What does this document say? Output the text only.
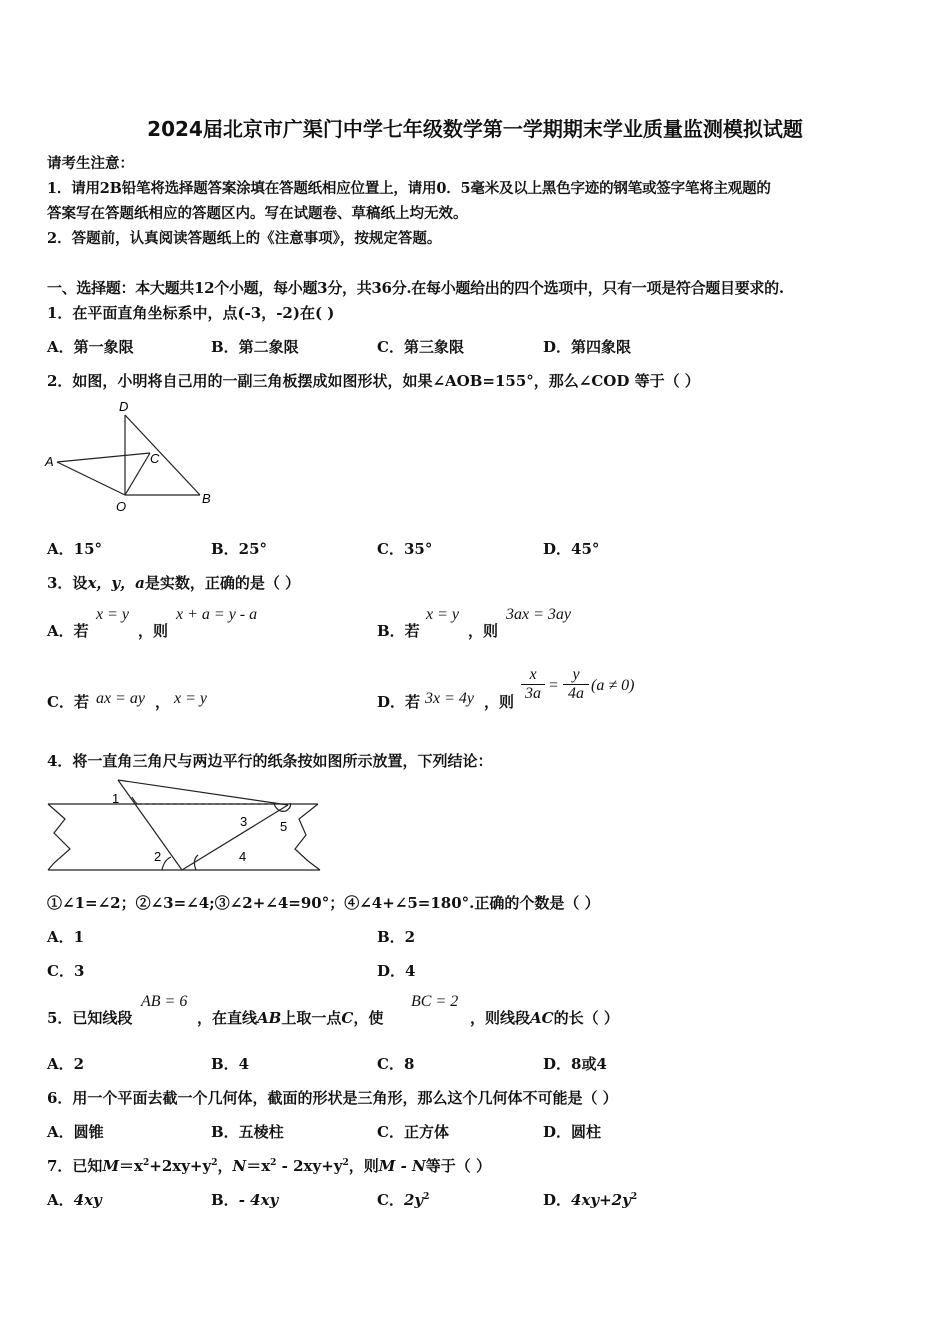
2024届北京市广渠门中学七年级数学第一学期期末学业质量监测模拟试题
请考生注意：
1．请用2B铅笔将选择题答案涂填在答题纸相应位置上，请用0．5毫米及以上黑色字迹的钢笔或签字笔将主观题的
答案写在答题纸相应的答题区内。写在试题卷、草稿纸上均无效。
2．答题前，认真阅读答题纸上的《注意事项》，按规定答题。
一、选择题：本大题共12个小题，每小题3分，共36分.在每小题给出的四个选项中，只有一项是符合题目要求的.
1．在平面直角坐标系中，点(-3，-2)在( )
A．第一象限	B．第二象限	C．第三象限	D．第四象限
2．如图，小明将自己用的一副三角板摆成如图形状，如果∠AOB=155°，那么∠COD 等于（ ）
D
A	C
O
B
A．15°	B．25°	C．35°	D．45°
3．设x，y，a是实数，正确的是（ ）
A．若
x = y
，则
x + a = y - a
B．若
x = y
，则
3ax = 3ay
C．若 ax = ay ， x = y	D．若 3x = 4y ，则 $\frac{x}{3a} = \frac{y}{4a} (a \ne 0)$
4．将一直角三角尺与两边平行的纸条按如图所示放置，下列结论：
1
2
3
4
5
①∠1=∠2；②∠3=∠4;③∠2+∠4=90°；④∠4+∠5=180°.正确的个数是（ ）
A．1	B．2
C．3	D．4
5．已知线段
AB = 6
，在直线AB上取一点C，使
BC = 2
，则线段AC的长（ ）
A．2	B．4	C．8	D．8或4
6．用一个平面去截一个几何体，截面的形状是三角形，那么这个几何体不可能是（ ）
A．圆锥	B．五棱柱	C．正方体	D．圆柱
7．已知$M=x^2+2xy+y^2$，$N=x^2 - 2xy+y^2$，则M - N等于（ ）
A．4xy	B．- 4xy	C．$2y^2$	D．$4xy+2y^2$
